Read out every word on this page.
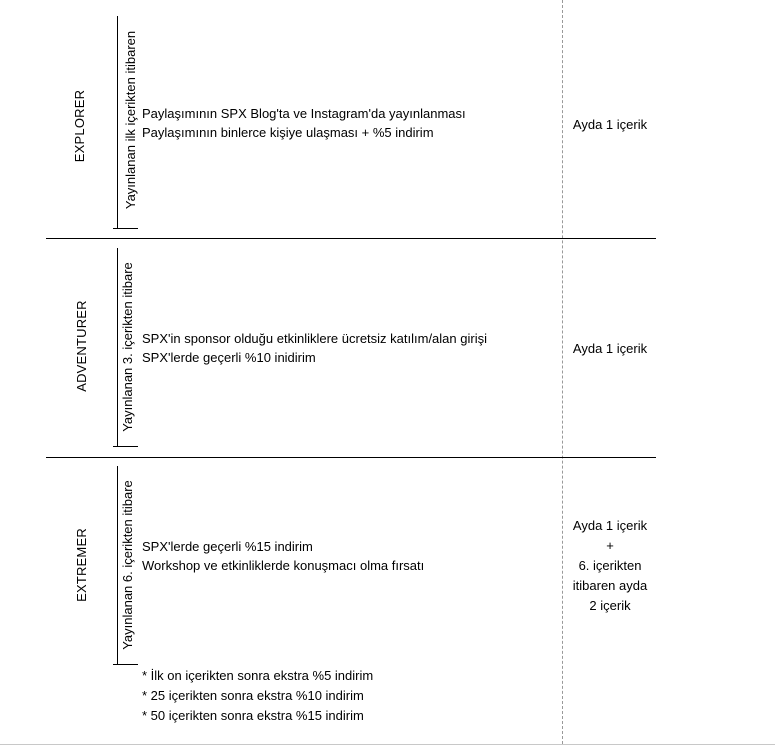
EXPLORER	Yayınlanan ilk içerikten itibaren Paylaşımının SPX Blog'ta ve Instagram'da yayınlanması
Paylaşımının binlerce kişiye ulaşması + %5 indirim
Ayda 1 içerik
ADVENTURER Yayınlanan 3. içerikten itibare SPX'in sponsor olduğu etkinliklere ücretsiz katılım/alan girişi
SPX'lerde geçerli %10 inidirim
Ayda 1 içerik
EXTREMER Yayınlanan 6. içerikten itibare SPX'lerde geçerli %15 indirim
Workshop ve etkinliklerde konuşmacı olma fırsatı
Ayda 1 içerik
+
6. içerikten
itibaren ayda
2 içerik
* İlk on içerikten sonra ekstra %5 indirim
* 25 içerikten sonra ekstra %10 indirim
* 50 içerikten sonra ekstra %15 indirim
